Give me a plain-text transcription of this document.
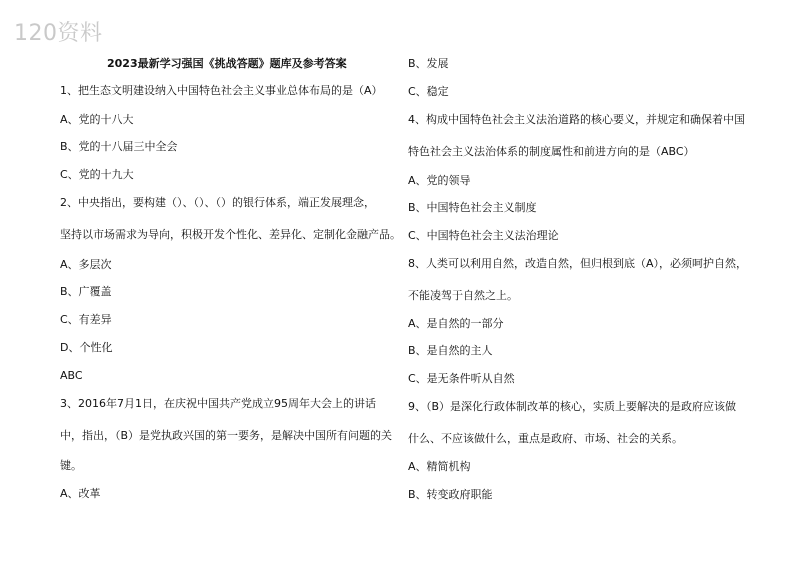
120资料
2023最新学习强国《挑战答题》题库及参考答案
1、把生态文明建设纳入中国特色社会主义事业总体布局的是（A）
A、党的十八大
B、党的十八届三中全会
C、党的十九大
2、中央指出，要构建（）、（）、（）的银行体系，端正发展理念，
坚持以市场需求为导向，积极开发个性化、差异化、定制化金融产品。
A、多层次
B、广覆盖
C、有差异
D、个性化
ABC
3、2016年7月1日，在庆祝中国共产党成立95周年大会上的讲话
中，指出，（B）是党执政兴国的第一要务，是解决中国所有问题的关
键。
A、改革
B、发展
C、稳定
4、构成中国特色社会主义法治道路的核心要义，并规定和确保着中国
特色社会主义法治体系的制度属性和前进方向的是（ABC）
A、党的领导
B、中国特色社会主义制度
C、中国特色社会主义法治理论
8、人类可以利用自然，改造自然，但归根到底（A），必须呵护自然，
不能凌驾于自然之上。
A、是自然的一部分
B、是自然的主人
C、是无条件听从自然
9、（B）是深化行政体制改革的核心，实质上要解决的是政府应该做
什么、不应该做什么，重点是政府、市场、社会的关系。
A、精简机构
B、转变政府职能
